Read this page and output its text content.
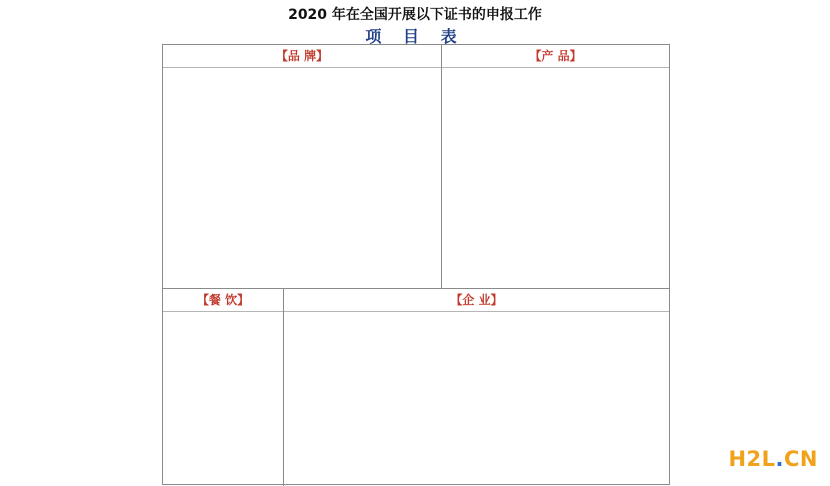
2020 年在全国开展以下证书的申报工作
项 目 表
【品 牌】	【产 品】
【餐 饮】	【企 业】
H2L.CN
